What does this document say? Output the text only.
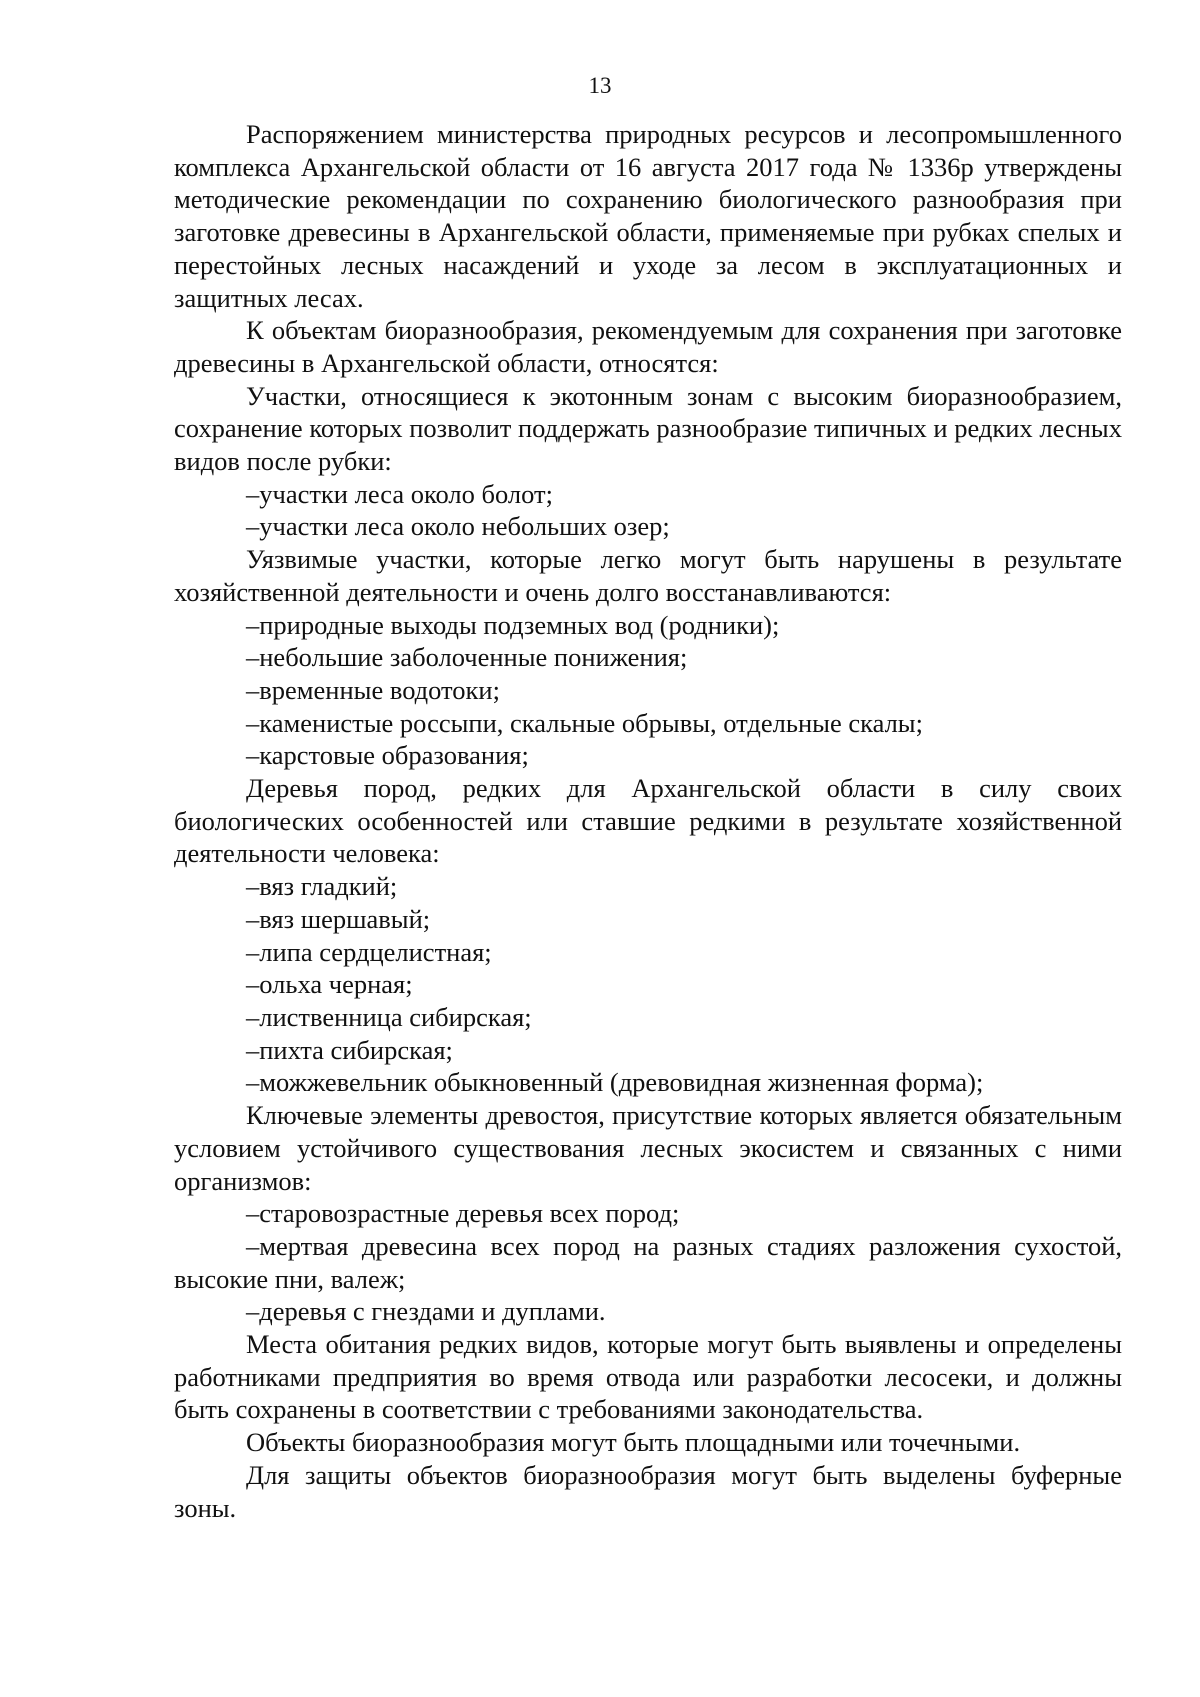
13

Распоряжением министерства природных ресурсов и лесопромышленного комплекса Архангельской области от 16 августа 2017 года № 1336р утверждены методические рекомендации по сохранению биологического разнообразия при заготовке древесины в Архангельской области, применяемые при рубках спелых и перестойных лесных насаждений и уходе за лесом в эксплуатационных и защитных лесах.

К объектам биоразнообразия, рекомендуемым для сохранения при заготовке древесины в Архангельской области, относятся:

Участки, относящиеся к экотонным зонам с высоким биоразнообразием, сохранение которых позволит поддержать разнообразие типичных и редких лесных видов после рубки:

–участки леса около болот;

–участки леса около небольших озер;

Уязвимые участки, которые легко могут быть нарушены в результате хозяйственной деятельности и очень долго восстанавливаются:

–природные выходы подземных вод (родники);

–небольшие заболоченные понижения;

–временные водотоки;

–каменистые россыпи, скальные обрывы, отдельные скалы;

–карстовые образования;

Деревья пород, редких для Архангельской области в силу своих биологических особенностей или ставшие редкими в результате хозяйственной деятельности человека:

–вяз гладкий;

–вяз шершавый;

–липа сердцелистная;

–ольха черная;

–лиственница сибирская;

–пихта сибирская;

–можжевельник обыкновенный (древовидная жизненная форма);

Ключевые элементы древостоя, присутствие которых является обязательным условием устойчивого существования лесных экосистем и связанных с ними организмов:

–старовозрастные деревья всех пород;

–мертвая древесина всех пород на разных стадиях разложения сухостой, высокие пни, валеж;

–деревья с гнездами и дуплами.

Места обитания редких видов, которые могут быть выявлены и определены работниками предприятия во время отвода или разработки лесосеки, и должны быть сохранены в соответствии с требованиями законодательства.

Объекты биоразнообразия могут быть площадными или точечными.

Для защиты объектов биоразнообразия могут быть выделены буферные зоны.
